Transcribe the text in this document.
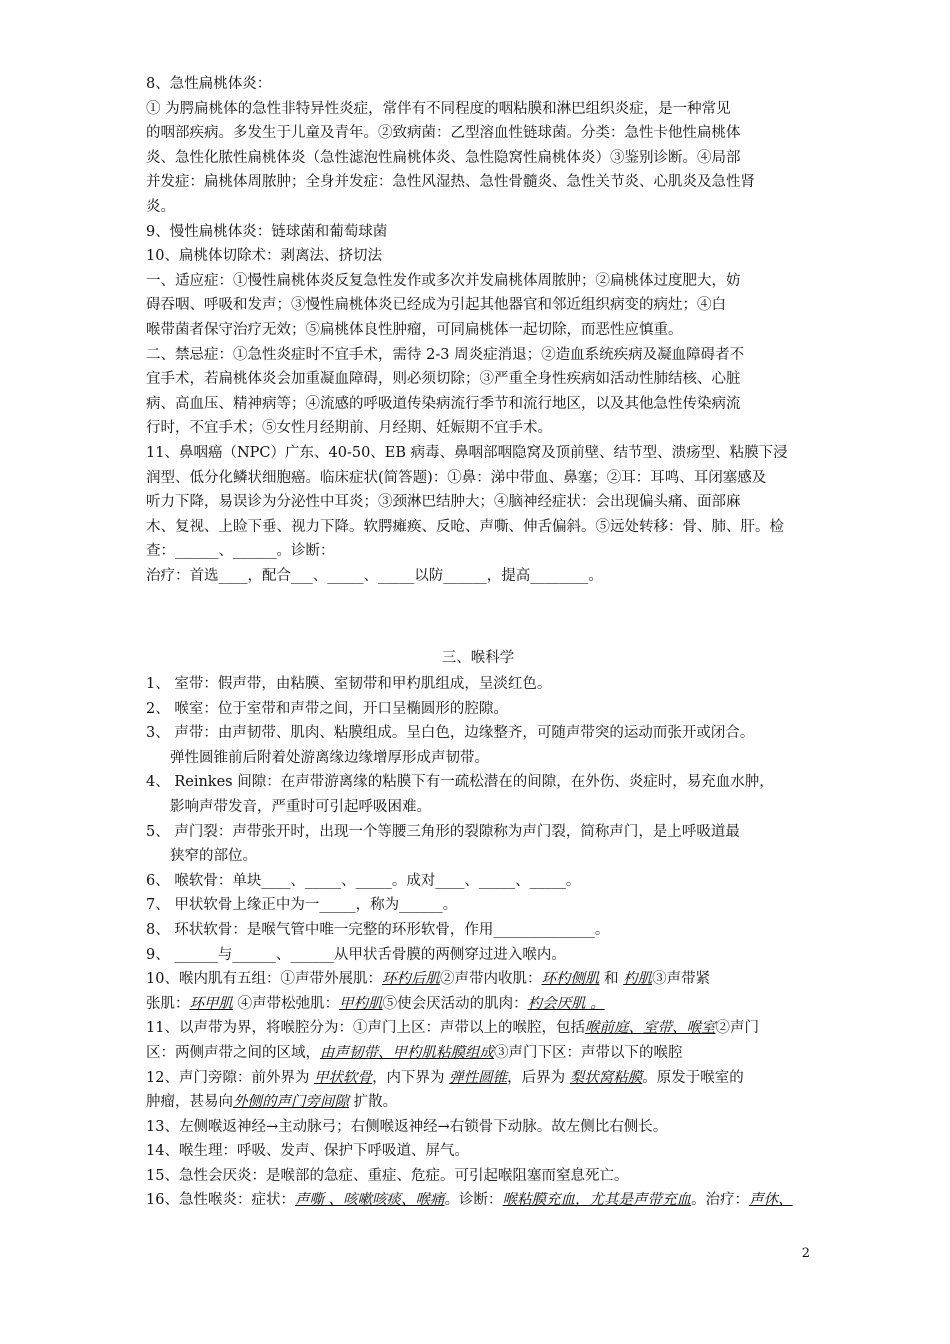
8、急性扁桃体炎：
① 为腭扁桃体的急性非特异性炎症，常伴有不同程度的咽粘膜和淋巴组织炎症，是一种常见
的咽部疾病。多发生于儿童及青年。②致病菌：乙型溶血性链球菌。分类：急性卡他性扁桃体
炎、急性化脓性扁桃体炎（急性滤泡性扁桃体炎、急性隐窝性扁桃体炎）③鉴别诊断。④局部
并发症：扁桃体周脓肿；全身并发症：急性风湿热、急性骨髓炎、急性关节炎、心肌炎及急性肾
炎。
9、慢性扁桃体炎：链球菌和葡萄球菌
10、扁桃体切除术：剥离法、挤切法
一、适应症：①慢性扁桃体炎反复急性发作或多次并发扁桃体周脓肿；②扁桃体过度肥大，妨
碍吞咽、呼吸和发声；③慢性扁桃体炎已经成为引起其他器官和邻近组织病变的病灶；④白
喉带菌者保守治疗无效；⑤扁桃体良性肿瘤，可同扁桃体一起切除，而恶性应慎重。
二、禁忌症：①急性炎症时不宜手术，需待 2-3 周炎症消退；②造血系统疾病及凝血障碍者不
宜手术，若扁桃体炎会加重凝血障碍，则必须切除；③严重全身性疾病如活动性肺结核、心脏
病、高血压、精神病等；④流感的呼吸道传染病流行季节和流行地区，以及其他急性传染病流
行时，不宜手术；⑤女性月经期前、月经期、妊娠期不宜手术。
11、鼻咽癌（NPC）广东、40-50、EB 病毒、鼻咽部咽隐窝及顶前壁、结节型、溃疡型、粘膜下浸
润型、低分化鳞状细胞癌。临床症状(简答题)：①鼻：涕中带血、鼻塞；②耳：耳鸣、耳闭塞感及
听力下降，易误诊为分泌性中耳炎；③颈淋巴结肿大；④脑神经症状：会出现偏头痛、面部麻
木、复视、上睑下垂、视力下降。软腭瘫痪、反呛、声嘶、伸舌偏斜。⑤远处转移：骨、肺、肝。检
查：______、______。诊断：
治疗：首选____，配合___、_____、_____以防______，提高________。
三、喉科学
1、 室带：假声带，由粘膜、室韧带和甲杓肌组成，呈淡红色。
2、 喉室：位于室带和声带之间，开口呈椭圆形的腔隙。
3、 声带：由声韧带、肌肉、粘膜组成。呈白色，边缘整齐，可随声带突的运动而张开或闭合。
弹性圆锥前后附着处游离缘边缘增厚形成声韧带。
4、 Reinkes 间隙：在声带游离缘的粘膜下有一疏松潜在的间隙，在外伤、炎症时，易充血水肿，
影响声带发音，严重时可引起呼吸困难。
5、 声门裂：声带张开时，出现一个等腰三角形的裂隙称为声门裂，简称声门，是上呼吸道最
狭窄的部位。
6、 喉软骨：单块____、_____、_____。成对____、_____、_____。
7、 甲状软骨上缘正中为一_____，称为______。
8、 环状软骨：是喉气管中唯一完整的环形软骨，作用______________。
9、 ______与______、______从甲状舌骨膜的两侧穿过进入喉内。
10、喉内肌有五组：①声带外展肌：环杓后肌②声带内收肌：环杓侧肌 和 杓肌③声带紧
张肌：环甲肌 ④声带松弛肌：甲杓肌⑤使会厌活动的肌肉：杓会厌肌 。
11、以声带为界，将喉腔分为：①声门上区：声带以上的喉腔，包括喉前庭、室带、喉室②声门
区：两侧声带之间的区域，由声韧带、甲杓肌粘膜组成③声门下区：声带以下的喉腔
12、声门旁隙：前外界为 甲状软骨，内下界为 弹性圆锥，后界为 梨状窝粘膜。原发于喉室的
肿瘤，甚易向外侧的声门旁间隙 扩散。
13、左侧喉返神经→主动脉弓；右侧喉返神经→右锁骨下动脉。故左侧比右侧长。
14、喉生理：呼吸、发声、保护下呼吸道、屏气。
15、急性会厌炎：是喉部的急症、重症、危症。可引起喉阻塞而窒息死亡。
16、急性喉炎：症状：声嘶 、咳嗽咳痰、喉痛。诊断：喉粘膜充血，尤其是声带充血。治疗：声休、
2
